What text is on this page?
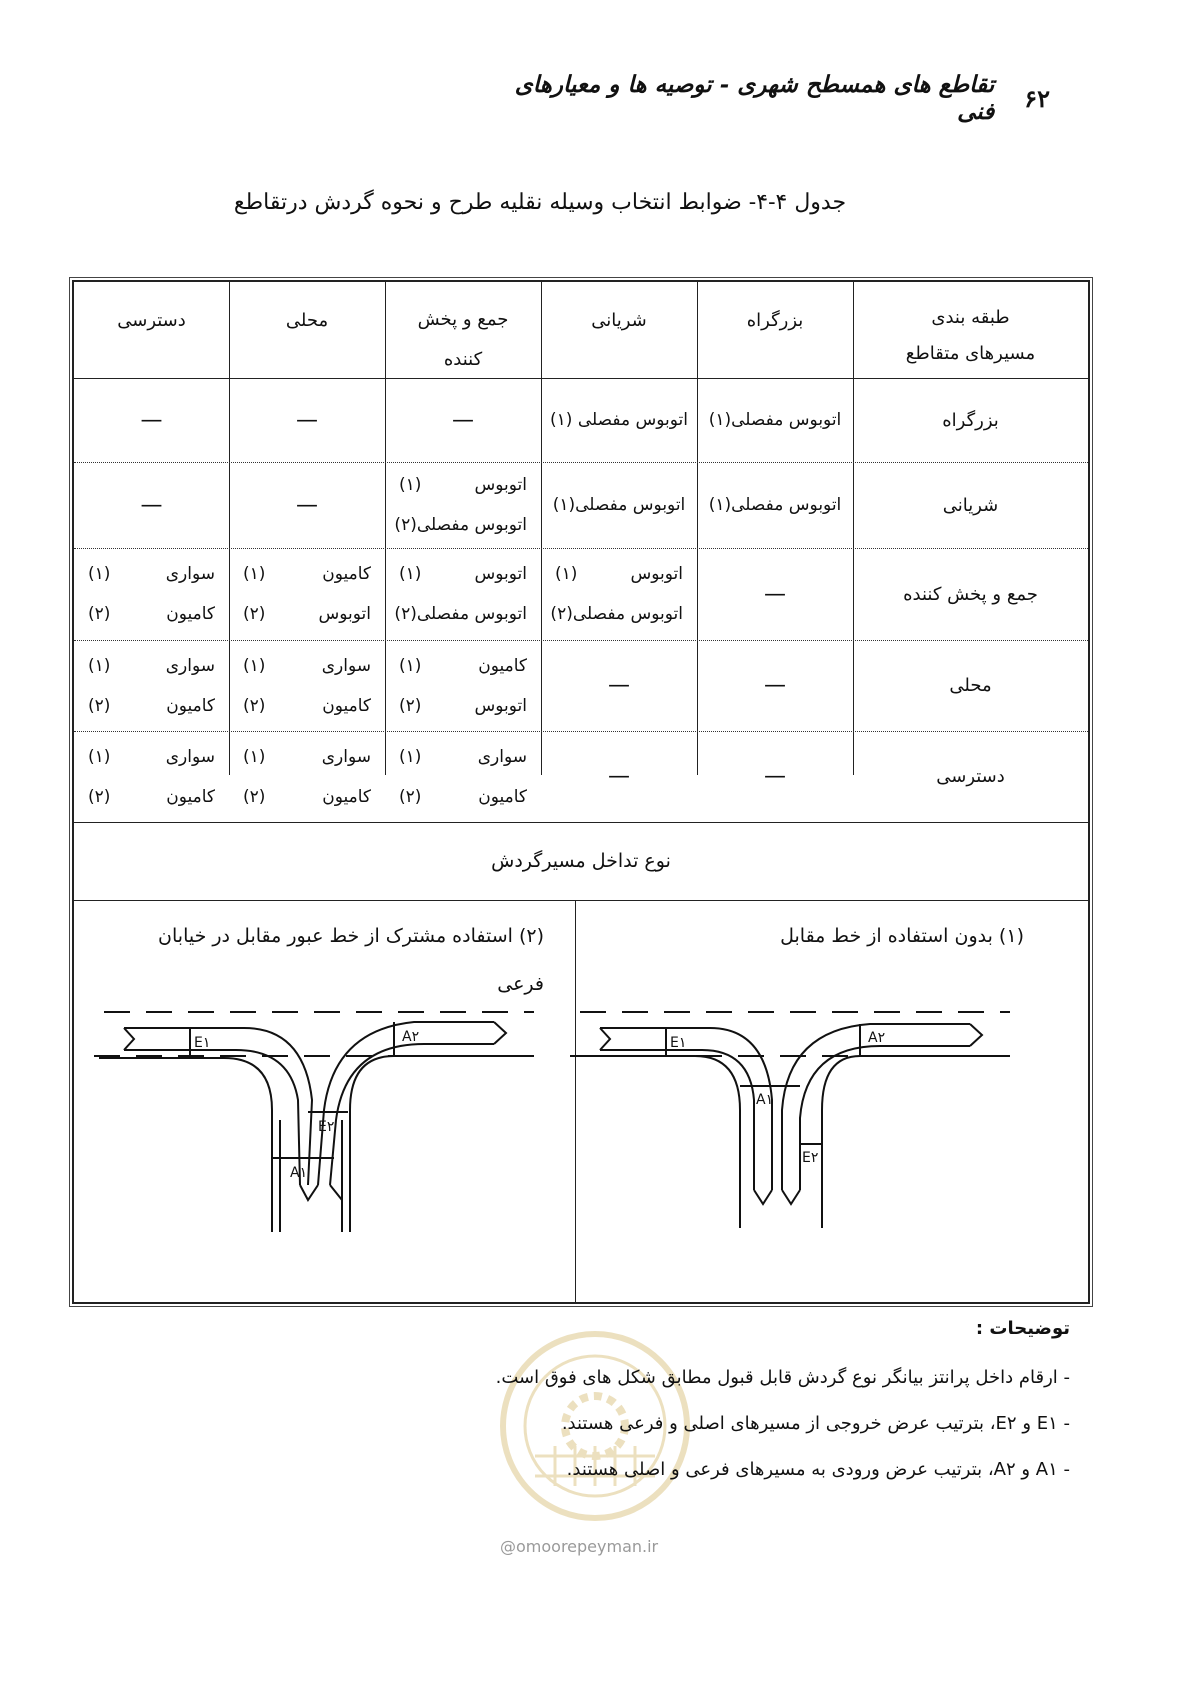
۶۲
تقاطع های همسطح شهری - توصیه ها و معیارهای فنی
جدول ۴-۴- ضوابط انتخاب وسیله نقلیه طرح و نحوه گردش درتقاطع
طبقه بندی مسیرهای متقاطع
بزرگراه
شریانی
جمع و پخش کننده
محلی
دسترسی
بزرگراه
اتوبوس مفصلی(۱)
اتوبوس مفصلی (۱)
—
—
—
شریانی
اتوبوس مفصلی(۱)
اتوبوس مفصلی(۱)
اتوبوس
(۱)
اتوبوس مفصلی(۲)
—
—
جمع و پخش کننده
—
اتوبوس
(۱)
اتوبوس مفصلی(۲)
اتوبوس
(۱)
اتوبوس مفصلی(۲)
کامیون
(۱)
اتوبوس
(۲)
سواری
(۱)
کامیون
(۲)
محلی
—
—
کامیون
(۱)
اتوبوس
(۲)
سواری
(۱)
کامیون
(۲)
سواری
(۱)
کامیون
(۲)
دسترسی
—
—
سواری
(۱)
کامیون
(۲)
سواری
(۱)
کامیون
(۲)
سواری
(۱)
کامیون
(۲)
نوع تداخل مسیرگردش
(۱) بدون استفاده از خط مقابل
(۲) استفاده مشترک از خط عبور مقابل در خیابان فرعی
E۱	A۲
E۲
A۱
E۱	A۲
A۱
E۲
@omoorepeyman.ir
توضیحات :
- ارقام داخل پرانتز بیانگر نوع گردش قابل قبول مطابق شکل های فوق است.
- E۱ و E۲، بترتیب عرض خروجی از مسیرهای اصلی و فرعی هستند.
- A۱ و A۲، بترتیب عرض ورودی به مسیرهای فرعی و اصلی هستند.
